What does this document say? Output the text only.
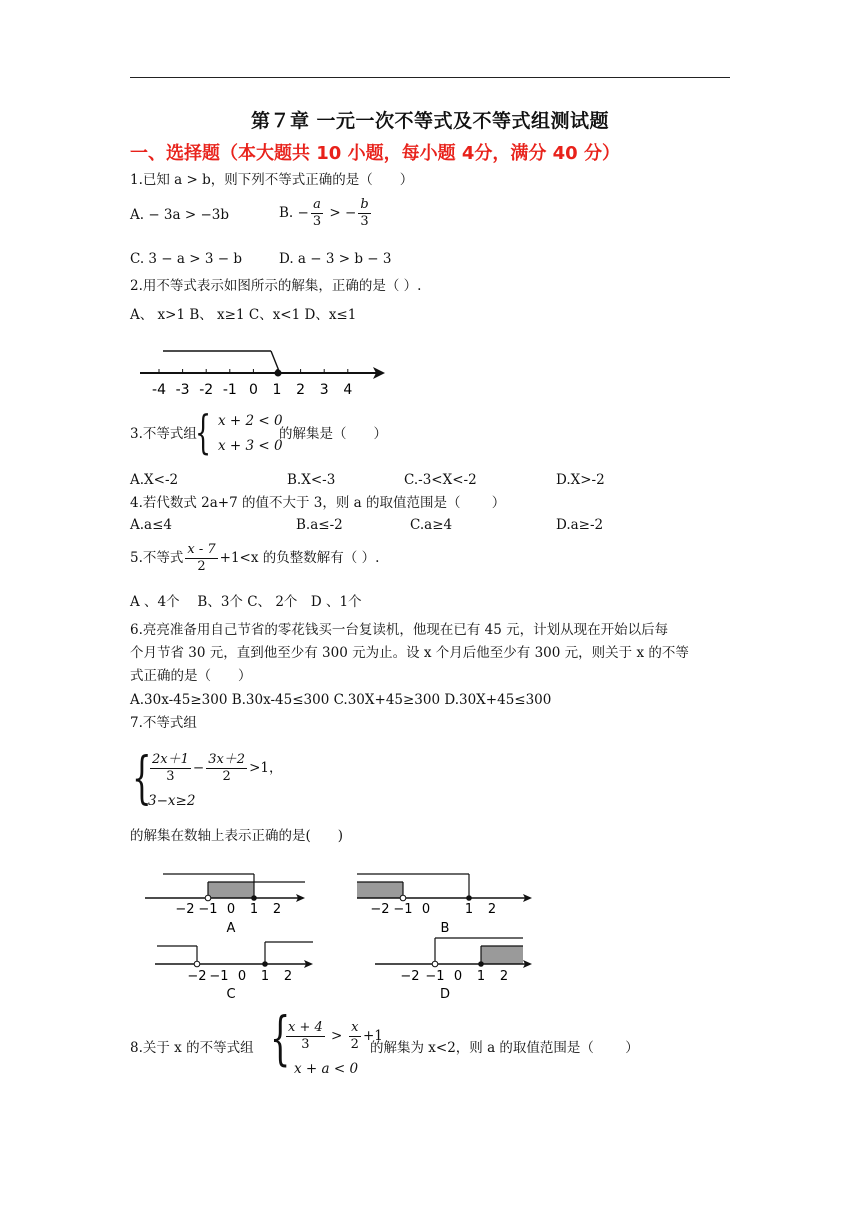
第７章 一元一次不等式及不等式组测试题
一、选择题（本大题共 10 小题，每小题 4分，满分 40 分）
1.已知 a > b，则下列不等式正确的是（　　）
A. − 3a > −3b	B. − $\frac{a}{3}$ > − $\frac{b}{3}$
C. 3 − a > 3 − b	D. a − 3 > b − 3
2.用不等式表示如图所示的解集，正确的是（ ）.
A、 x>1 B、 x≥1 C、x<1 D、x≤1
-4 -3 -2 -1 0 1 2 3 4
3.不等式组
{ x + 2 < 0
x + 3 < 0
的解集是（　　）
A.X<-2	B.X<-3	C.-3<X<-2	D.X>-2
4.若代数式 2a+7 的值不大于 3，则 a 的取值范围是（　　 ）
A.a≤4	B.a≤-2	C.a≥4	D.a≥-2
5.不等式 $\frac{x - 7}{2} +1<x$ 的负整数解有（ ）.
A 、4个　 B、3个 C、 2个　D 、1个
6.亮亮准备用自己节省的零花钱买一台复读机，他现在已有 45 元，计划从现在开始以后每
个月节省 30 元，直到他至少有 300 元为止。设 x 个月后他至少有 300 元，则关于 x 的不等
式正确的是（　　）
A.30x-45≥300 B.30x-45≤300 C.30X+45≥300 D.30X+45≤300
7.不等式组
{
$\frac{2x+1}{3} - \frac{3x+2}{2} >1$，
3−x≥2
的解集在数轴上表示正确的是(　　)
−2 −1 0 1 2
A
−2 −1 0	1 2
B
−2 −1 0 1 2
C
−2 −1 0 1 2
D
8.关于 x 的不等式组 {
$\frac{x + 4}{3} > \frac{x}{2} +1$
x + a < 0
的解集为 x<2，则 a 的取值范围是（　　 ）
